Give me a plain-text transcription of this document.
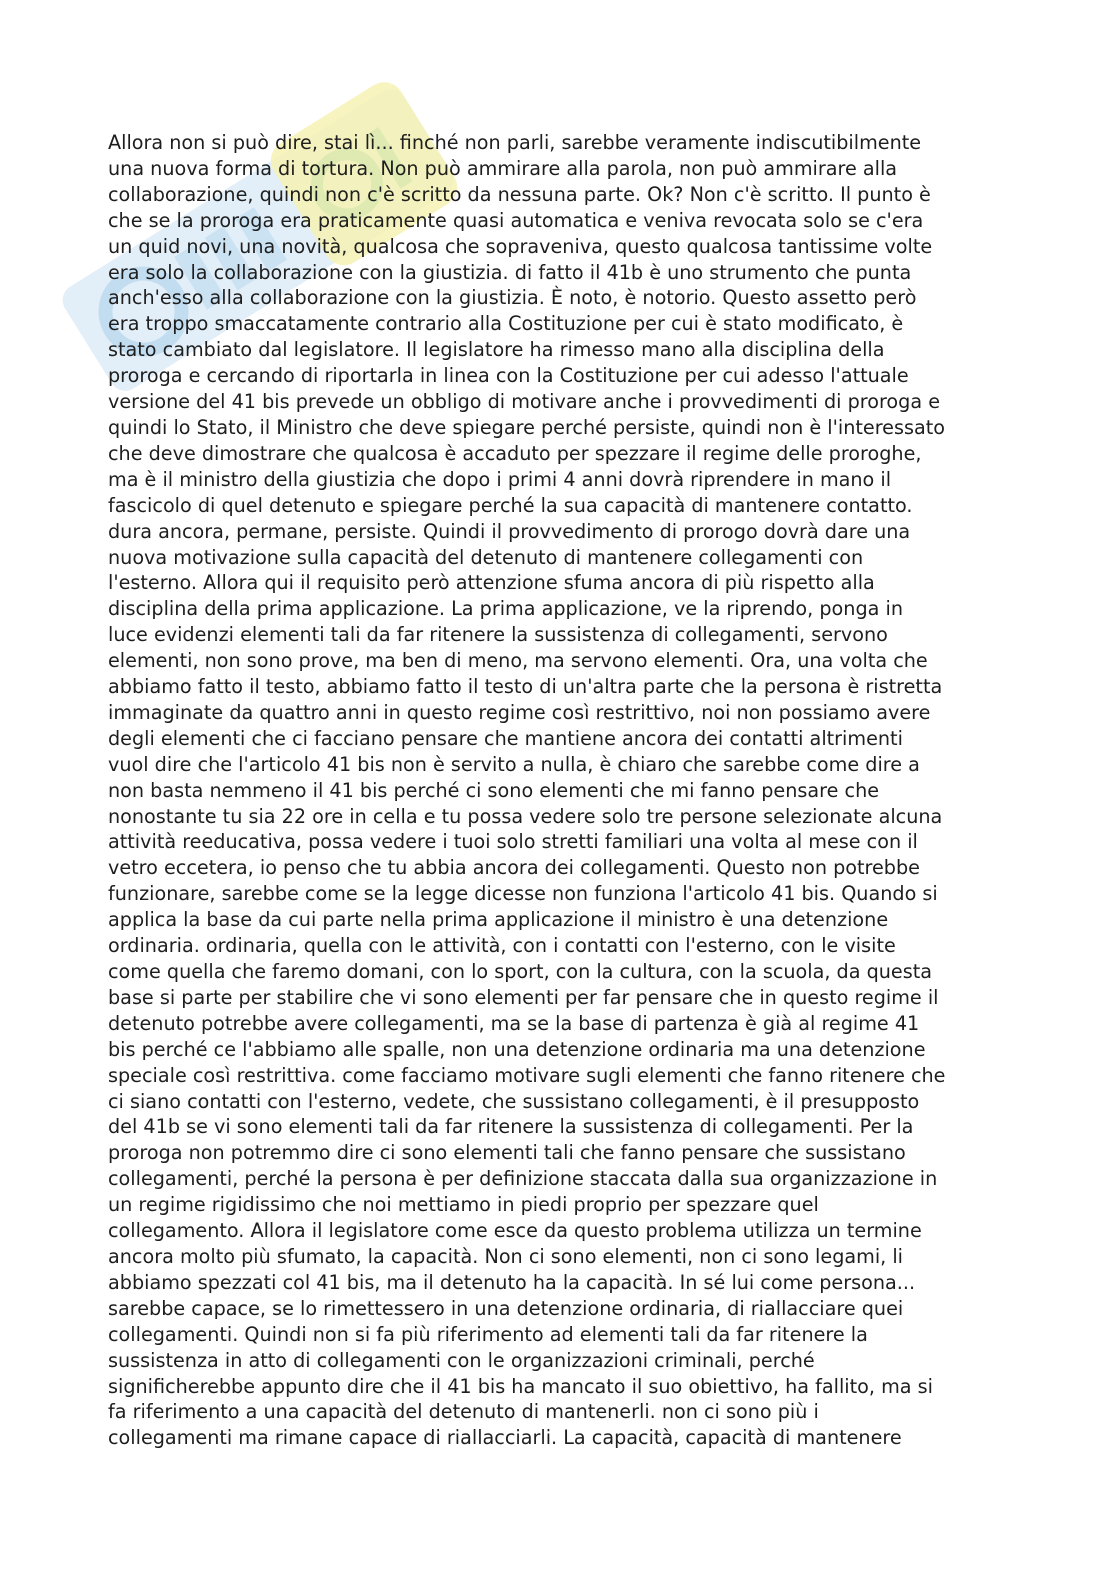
Allora non si può dire, stai lì... finché non parli, sarebbe veramente indiscutibilmente

una nuova forma di tortura. Non può ammirare alla parola, non può ammirare alla

collaborazione, quindi non c'è scritto da nessuna parte. Ok? Non c'è scritto. Il punto è

che se la proroga era praticamente quasi automatica e veniva revocata solo se c'era

un quid novi, una novità, qualcosa che sopraveniva, questo qualcosa tantissime volte

era solo la collaborazione con la giustizia. di fatto il 41b è uno strumento che punta

anch'esso alla collaborazione con la giustizia. È noto, è notorio. Questo assetto però

era troppo smaccatamente contrario alla Costituzione per cui è stato modificato, è

stato cambiato dal legislatore. Il legislatore ha rimesso mano alla disciplina della

proroga e cercando di riportarla in linea con la Costituzione per cui adesso l'attuale

versione del 41 bis prevede un obbligo di motivare anche i provvedimenti di proroga e

quindi lo Stato, il Ministro che deve spiegare perché persiste, quindi non è l'interessato

che deve dimostrare che qualcosa è accaduto per spezzare il regime delle proroghe,

ma è il ministro della giustizia che dopo i primi 4 anni dovrà riprendere in mano il

fascicolo di quel detenuto e spiegare perché la sua capacità di mantenere contatto.

dura ancora, permane, persiste. Quindi il provvedimento di prorogo dovrà dare una

nuova motivazione sulla capacità del detenuto di mantenere collegamenti con

l'esterno. Allora qui il requisito però attenzione sfuma ancora di più rispetto alla

disciplina della prima applicazione. La prima applicazione, ve la riprendo, ponga in

luce evidenzi elementi tali da far ritenere la sussistenza di collegamenti, servono

elementi, non sono prove, ma ben di meno, ma servono elementi. Ora, una volta che

abbiamo fatto il testo, abbiamo fatto il testo di un'altra parte che la persona è ristretta

immaginate da quattro anni in questo regime così restrittivo, noi non possiamo avere

degli elementi che ci facciano pensare che mantiene ancora dei contatti altrimenti

vuol dire che l'articolo 41 bis non è servito a nulla, è chiaro che sarebbe come dire a

non basta nemmeno il 41 bis perché ci sono elementi che mi fanno pensare che

nonostante tu sia 22 ore in cella e tu possa vedere solo tre persone selezionate alcuna

attività reeducativa, possa vedere i tuoi solo stretti familiari una volta al mese con il

vetro eccetera, io penso che tu abbia ancora dei collegamenti. Questo non potrebbe

funzionare, sarebbe come se la legge dicesse non funziona l'articolo 41 bis. Quando si

applica la base da cui parte nella prima applicazione il ministro è una detenzione

ordinaria. ordinaria, quella con le attività, con i contatti con l'esterno, con le visite

come quella che faremo domani, con lo sport, con la cultura, con la scuola, da questa

base si parte per stabilire che vi sono elementi per far pensare che in questo regime il

detenuto potrebbe avere collegamenti, ma se la base di partenza è già al regime 41

bis perché ce l'abbiamo alle spalle, non una detenzione ordinaria ma una detenzione

speciale così restrittiva. come facciamo motivare sugli elementi che fanno ritenere che

ci siano contatti con l'esterno, vedete, che sussistano collegamenti, è il presupposto

del 41b se vi sono elementi tali da far ritenere la sussistenza di collegamenti. Per la

proroga non potremmo dire ci sono elementi tali che fanno pensare che sussistano

collegamenti, perché la persona è per definizione staccata dalla sua organizzazione in

un regime rigidissimo che noi mettiamo in piedi proprio per spezzare quel

collegamento. Allora il legislatore come esce da questo problema utilizza un termine

ancora molto più sfumato, la capacità. Non ci sono elementi, non ci sono legami, li

abbiamo spezzati col 41 bis, ma il detenuto ha la capacità. In sé lui come persona...

sarebbe capace, se lo rimettessero in una detenzione ordinaria, di riallacciare quei

collegamenti. Quindi non si fa più riferimento ad elementi tali da far ritenere la

sussistenza in atto di collegamenti con le organizzazioni criminali, perché

significherebbe appunto dire che il 41 bis ha mancato il suo obiettivo, ha fallito, ma si

fa riferimento a una capacità del detenuto di mantenerli. non ci sono più i

collegamenti ma rimane capace di riallacciarli. La capacità, capacità di mantenere
